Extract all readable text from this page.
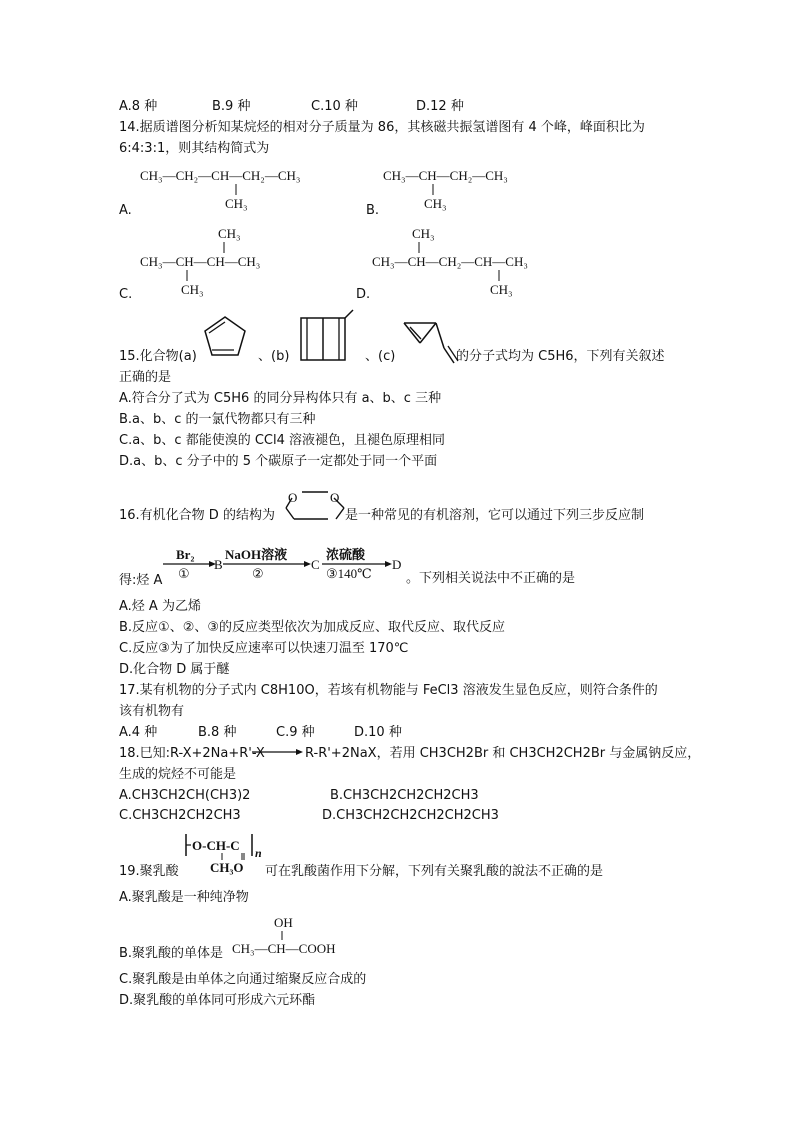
A.8 种	B.9 种	C.10 种	D.12 种
14.据质谱图分析知某烷烃的相对分子质量为 86，其核磁共振氢谱图有 4 个峰，峰面积比为
6:4:3:1，则其结构简式为
CH₃—CH₂—CH—CH₂—CH₃
CH₃
A.
CH₃—CH—CH₂—CH₃
CH₃
B.
CH₃
CH₃—CH—CH—CH₃
CH₃
C.
CH₃
CH₃—CH—CH₂—CH—CH₃
CH₃
D.
15.化合物(a)	、(b)	、(c)	的分子式均为 C5H6，下列有关叙述
正确的是
A.符合分了式为 C5H6 的同分异构体只有 a、b、c 三种
B.a、b、c 的一氯代物都只有三种
C.a、b、c 都能使溴的 CCl4 溶液褪色，且褪色原理相同
D.a、b、c 分子中的 5 个碳原子一定都处于同一个平面
16.有机化合物 D 的结构为
O	O
是一种常见的有机溶剂，它可以通过下列三步反应制
得:烃 A
Br₂
①
B
NaOH溶液
②
C
浓硫酸
③140℃
D
。下列相关说法中不正确的是
A.烃 A 为乙烯
B.反应①、②、③的反应类型依次为加成反应、取代反应、取代反应
C.反应③为了加快反应速率可以快速刀温至 170℃
D.化合物 D 属于醚
17.某有机物的分子式内 C8H10O，若垓有机物能与 FeCl3 溶液发生显色反应，则符合条件的
该有机物有
A.4 种	B.8 种	C.9 种	D.10 种
18.巳知:R-X+2Na+R'-X	R-R'+2NaX，若用 CH3CH2Br 和 CH3CH2CH2Br 与金属钠反应，
生成的烷烃不可能是
A.CH3CH2CH(CH3)2	B.CH3CH2CH2CH2CH3
C.CH3CH2CH2CH3	D.CH3CH2CH2CH2CH2CH3
O-CH-C n
CH₃O
19.聚乳酸	可在乳酸菌作用下分解，下列有关聚乳酸的說法不正确的是
A.聚乳酸是一种纯净物
OH
CH₃—CH—COOH
B.聚乳酸的单体是
C.聚乳酸是由单体之向通过缩聚反应合成的
D.聚乳酸的单体同可形成六元环酯
